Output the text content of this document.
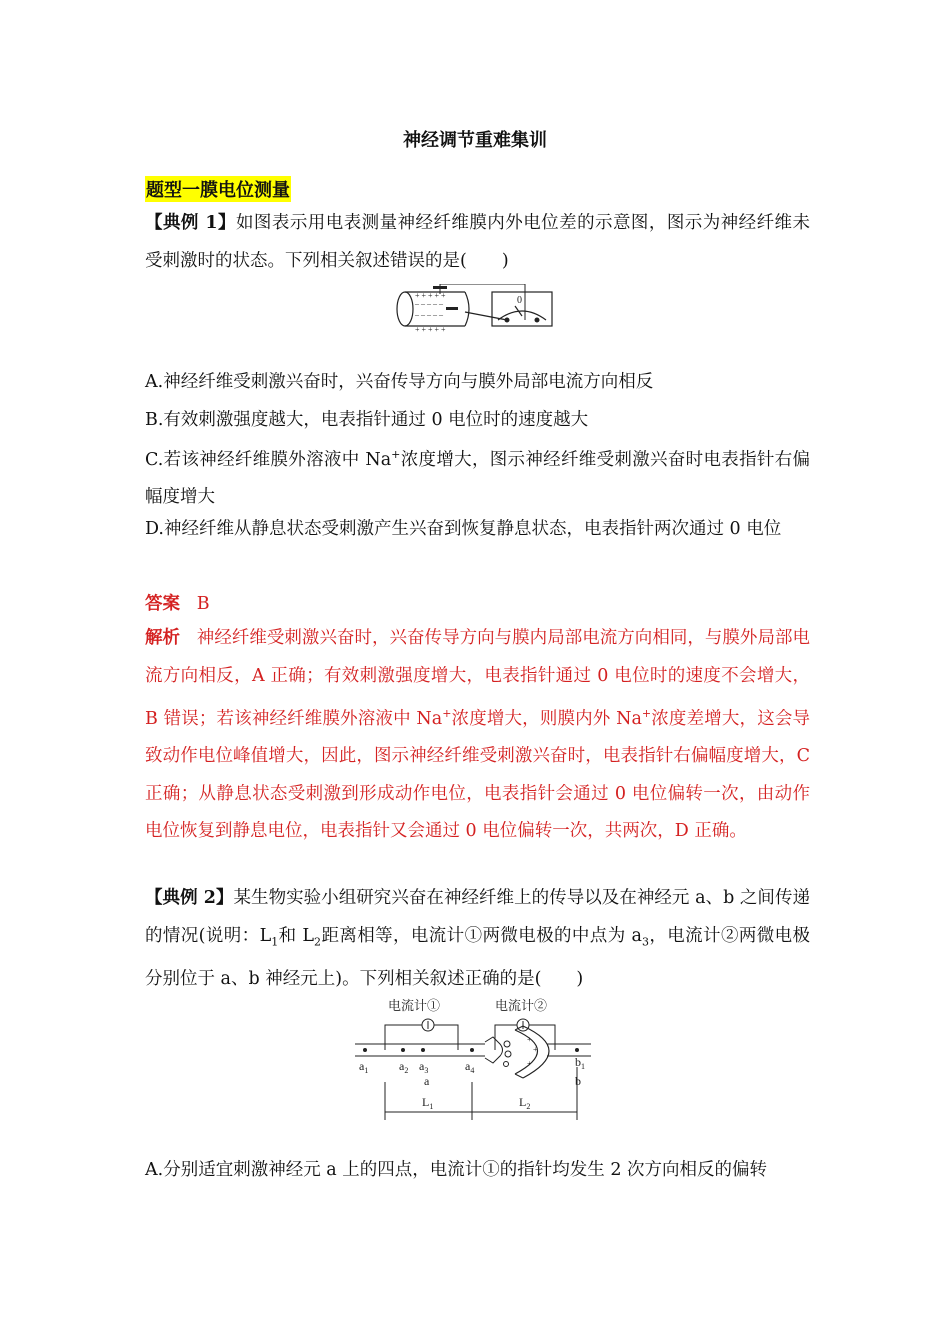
神经调节重难集训
题型一膜电位测量
【典例 1】如图表示用电表测量神经纤维膜内外电位差的示意图，图示为神经纤维未受刺激时的状态。下列相关叙述错误的是(　　)
+ + + + +
– – – – –
– – – – –
+ + + + +
0
A.神经纤维受刺激兴奋时，兴奋传导方向与膜外局部电流方向相反
B.有效刺激强度越大，电表指针通过 0 电位时的速度越大
C.若该神经纤维膜外溶液中 Na+浓度增大，图示神经纤维受刺激兴奋时电表指针右偏幅度增大
D.神经纤维从静息状态受刺激产生兴奋到恢复静息状态，电表指针两次通过 0 电位
答案 B
解析 神经纤维受刺激兴奋时，兴奋传导方向与膜内局部电流方向相同，与膜外局部电流方向相反，A 正确；有效刺激强度增大，电表指针通过 0 电位时的速度不会增大，B 错误；若该神经纤维膜外溶液中 Na+浓度增大，则膜内外 Na+浓度差增大，这会导致动作电位峰值增大，因此，图示神经纤维受刺激兴奋时，电表指针右偏幅度增大，C 正确；从静息状态受刺激到形成动作电位，电表指针会通过 0 电位偏转一次，由动作电位恢复到静息电位，电表指针又会通过 0 电位偏转一次，共两次，D 正确。
【典例 2】某生物实验小组研究兴奋在神经纤维上的传导以及在神经元 a、b 之间传递的情况(说明：$L_1$和 $L_2$距离相等，电流计①两微电极的中点为 $a_3$，电流计②两微电极分别位于 a、b 神经元上)。下列相关叙述正确的是(　　)
+
+
+
电流计①	电流计②
$a_1$	$a_2$ $a_3$	$a_4$
$b_1$
a	b
$L_1$	$L_2$
A.分别适宜刺激神经元 a 上的四点，电流计①的指针均发生 2 次方向相反的偏转
